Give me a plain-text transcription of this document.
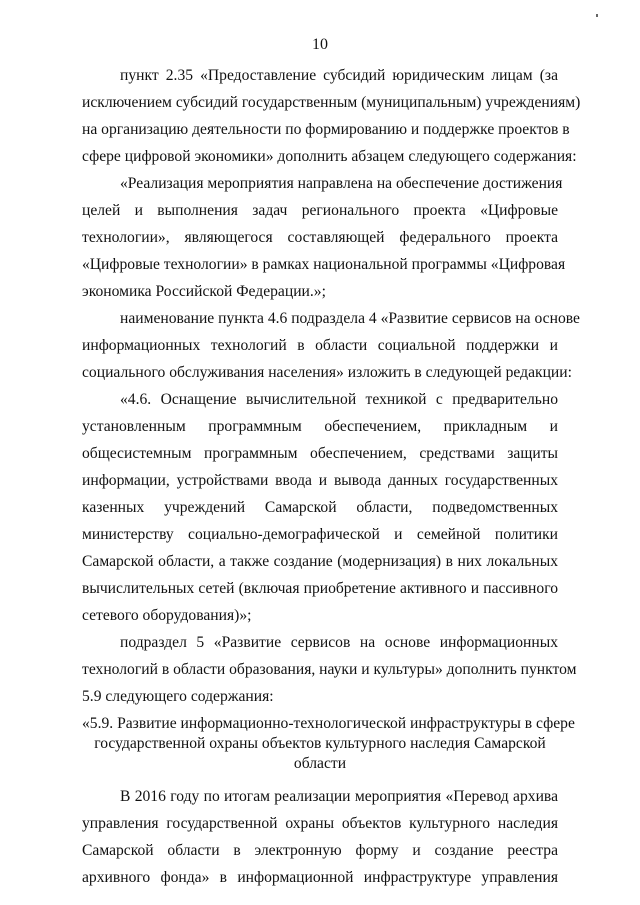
10
пункт 2.35 «Предоставление субсидий юридическим лицам (за
исключением субсидий государственным (муниципальным) учреждениям)
на организацию деятельности по формированию и поддержке проектов в
сфере цифровой экономики» дополнить абзацем следующего содержания:
«Реализация мероприятия направлена на обеспечение достижения
целей и выполнения задач регионального проекта «Цифровые
технологии», являющегося составляющей федерального проекта
«Цифровые технологии» в рамках национальной программы «Цифровая
экономика Российской Федерации.»;
наименование пункта 4.6 подраздела 4 «Развитие сервисов на основе
информационных технологий в области социальной поддержки и
социального обслуживания населения» изложить в следующей редакции:
«4.6. Оснащение вычислительной техникой с предварительно
установленным программным обеспечением, прикладным и
общесистемным программным обеспечением, средствами защиты
информации, устройствами ввода и вывода данных государственных
казенных учреждений Самарской области, подведомственных
министерству социально-демографической и семейной политики
Самарской области, а также создание (модернизация) в них локальных
вычислительных сетей (включая приобретение активного и пассивного
сетевого оборудования)»;
подраздел 5 «Развитие сервисов на основе информационных
технологий в области образования, науки и культуры» дополнить пунктом
5.9 следующего содержания:
«5.9. Развитие информационно-технологической инфраструктуры в сфере
государственной охраны объектов культурного наследия Самарской
области
В 2016 году по итогам реализации мероприятия «Перевод архива
управления государственной охраны объектов культурного наследия
Самарской области в электронную форму и создание реестра
архивного фонда» в информационной инфраструктуре управления
